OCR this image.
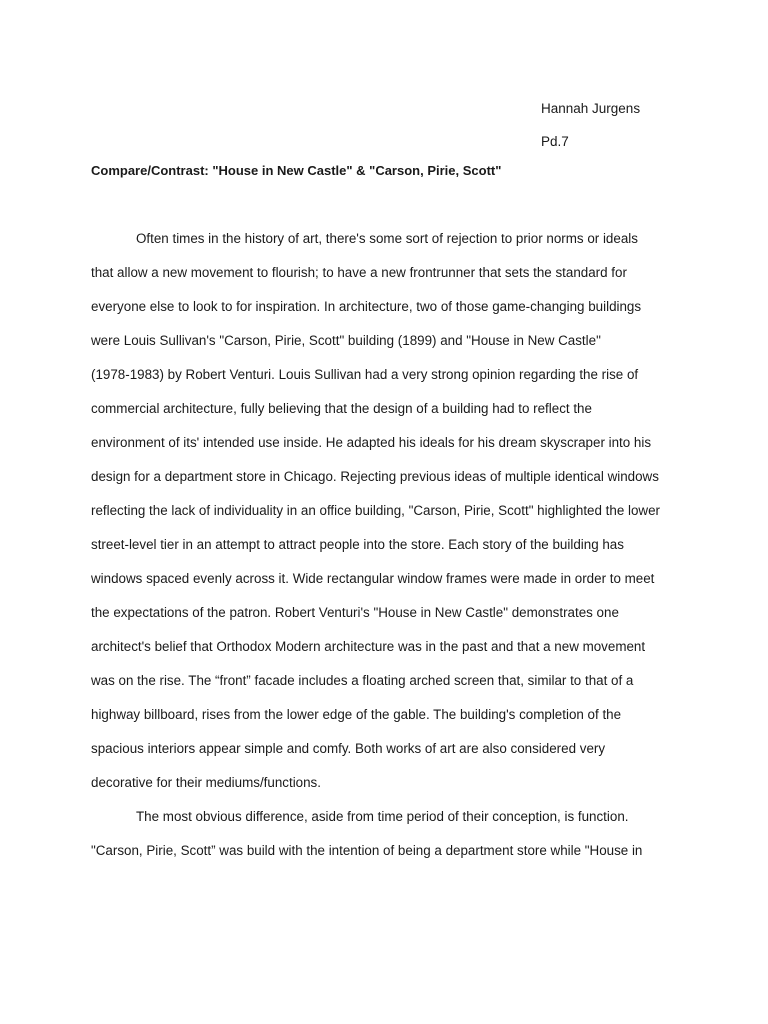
Hannah Jurgens
Pd.7
Compare/Contrast: "House in New Castle" & "Carson, Pirie, Scott"
Often times in the history of art, there's some sort of rejection to prior norms or ideals
that allow a new movement to flourish; to have a new frontrunner that sets the standard for
everyone else to look to for inspiration. In architecture, two of those game-changing buildings
were Louis Sullivan's "Carson, Pirie, Scott" building (1899) and "House in New Castle"
(1978-1983) by Robert Venturi. Louis Sullivan had a very strong opinion regarding the rise of
commercial architecture, fully believing that the design of a building had to reflect the
environment of its' intended use inside. He adapted his ideals for his dream skyscraper into his
design for a department store in Chicago. Rejecting previous ideas of multiple identical windows
reflecting the lack of individuality in an office building, "Carson, Pirie, Scott" highlighted the lower
street-level tier in an attempt to attract people into the store. Each story of the building has
windows spaced evenly across it. Wide rectangular window frames were made in order to meet
the expectations of the patron. Robert Venturi's "House in New Castle" demonstrates one
architect's belief that Orthodox Modern architecture was in the past and that a new movement
was on the rise. The “front” facade includes a floating arched screen that, similar to that of a
highway billboard, rises from the lower edge of the gable. The building's completion of the
spacious interiors appear simple and comfy. Both works of art are also considered very
decorative for their mediums/functions.
The most obvious difference, aside from time period of their conception, is function.
"Carson, Pirie, Scott” was build with the intention of being a department store while "House in
